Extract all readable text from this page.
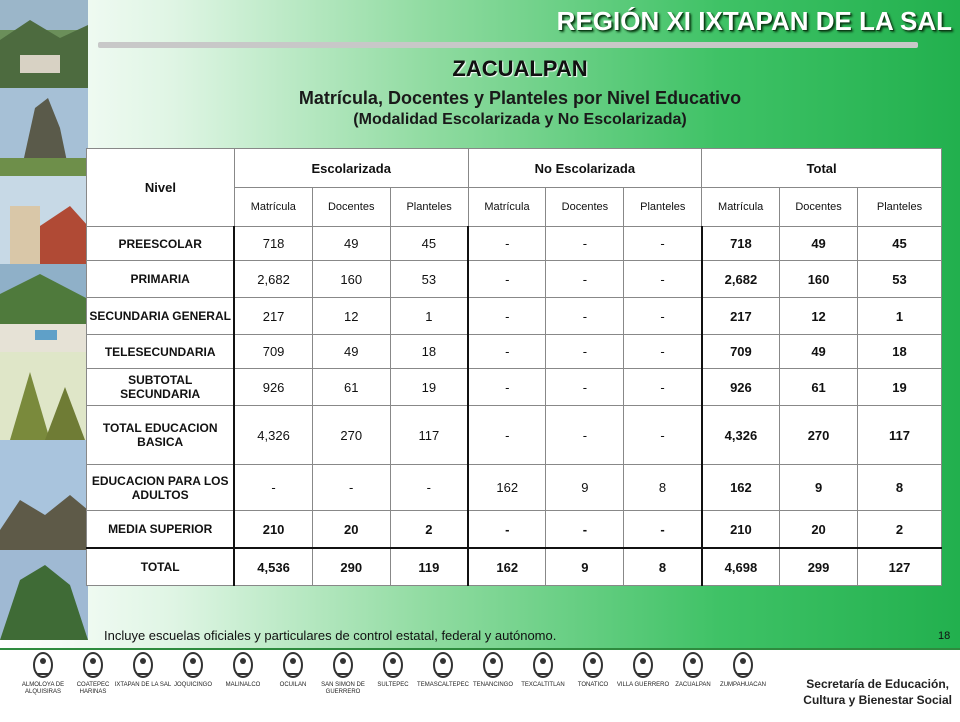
REGIÓN XI IXTAPAN DE LA SAL
ZACUALPAN
Matrícula, Docentes y Planteles por Nivel Educativo
(Modalidad Escolarizada y No Escolarizada)
Nivel	Escolarizada			No Escolarizada			Total		
	Matrícula	Docentes	Planteles	Matrícula	Docentes	Planteles	Matrícula	Docentes	Planteles
PREESCOLAR	718	49	45	-	-	-	718	49	45
PRIMARIA	2,682	160	53	-	-	-	2,682	160	53
SECUNDARIA GENERAL	217	12	1	-	-	-	217	12	1
TELESECUNDARIA	709	49	18	-	-	-	709	49	18
SUBTOTAL SECUNDARIA	926	61	19	-	-	-	926	61	19
TOTAL EDUCACION BASICA	4,326	270	117	-	-	-	4,326	270	117
EDUCACION PARA LOS ADULTOS	-	-	-	162	9	8	162	9	8
MEDIA SUPERIOR	210	20	2	-	-	-	210	20	2
TOTAL	4,536	290	119	162	9	8	4,698	299	127
Incluye escuelas oficiales y particulares de control estatal, federal y autónomo.	18
ALMOLOYA DE ALQUISIRAS
COATEPEC HARINAS
IXTAPAN DE LA SAL JOQUICINGO	MALINALCO	OCUILAN	SAN SIMON DE GUERRERO
SULTEPEC	TEMASCALTEPEC TENANCINGO	TEXCALTITLAN	TONATICO	VILLA GUERRERO	ZACUALPAN	ZUMPAHUACAN	Secretaría de Educación,
Cultura y Bienestar Social
